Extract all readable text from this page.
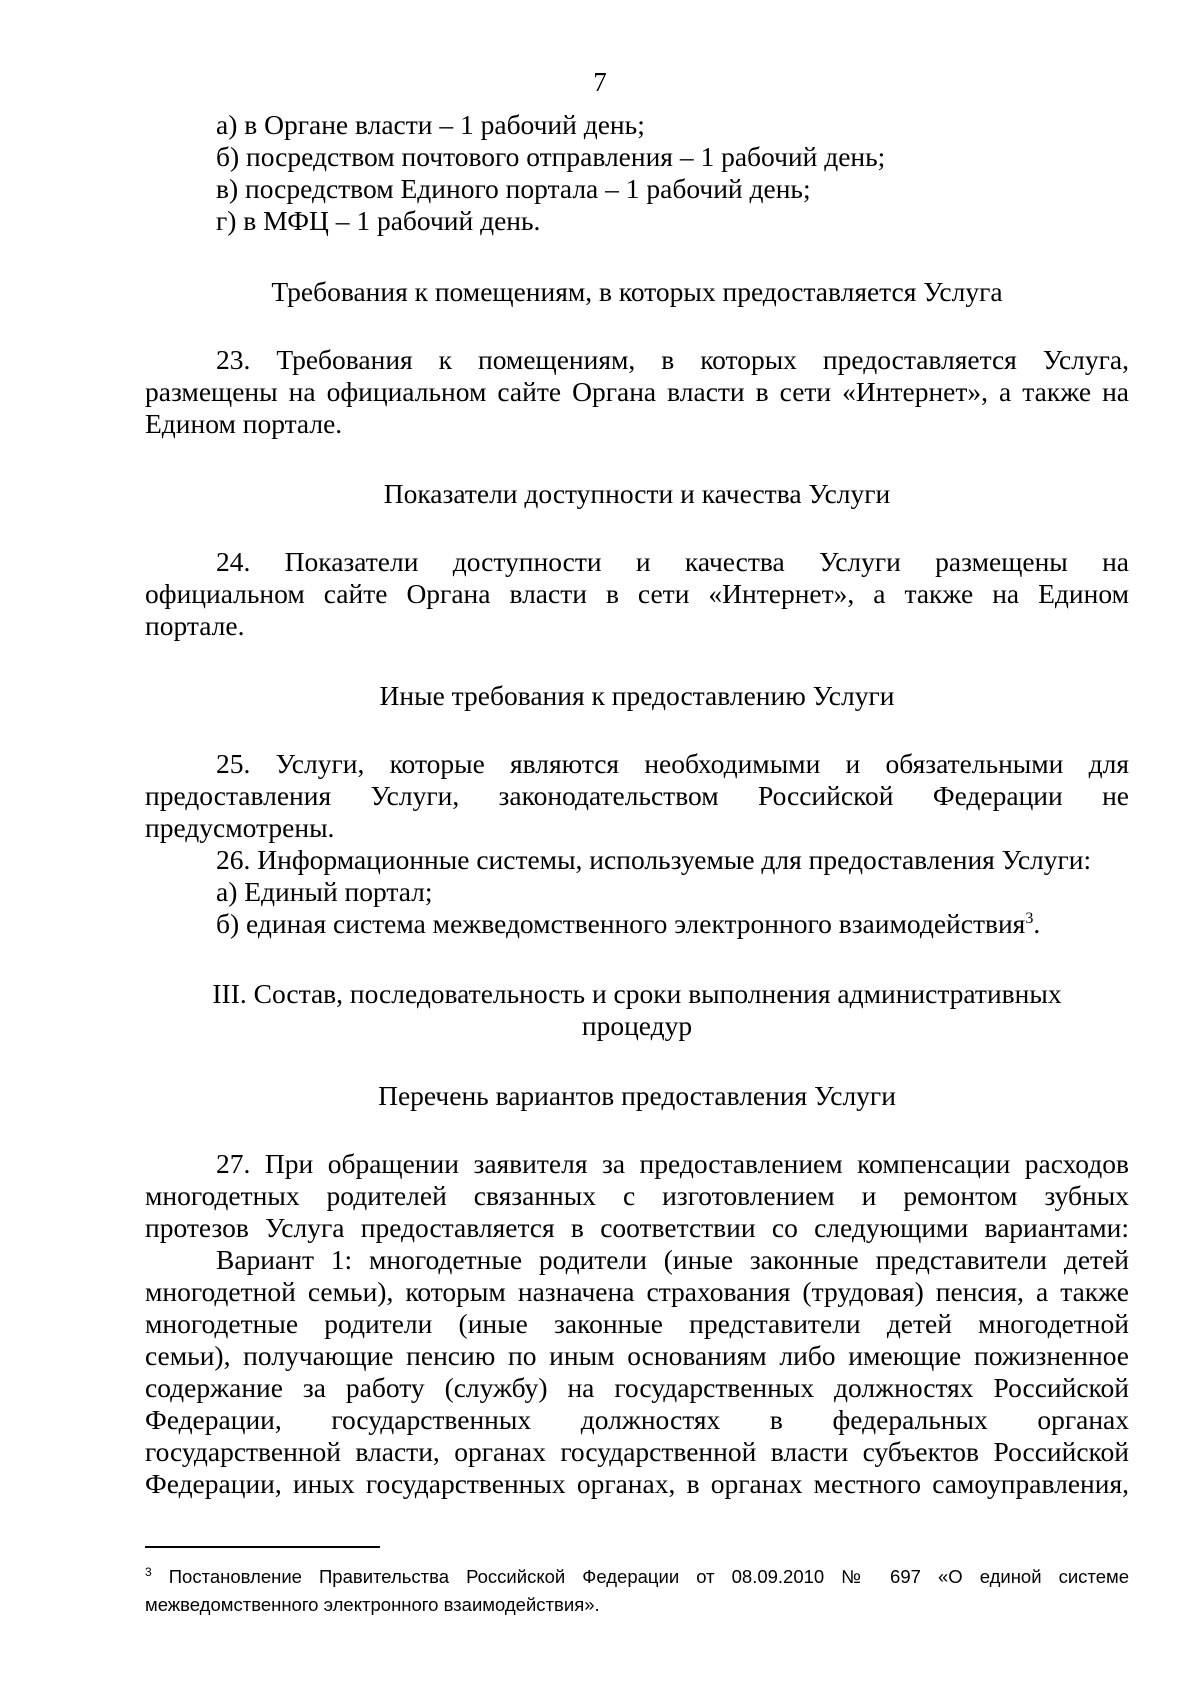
7
а) в Органе власти – 1 рабочий день;
б) посредством почтового отправления – 1 рабочий день;
в) посредством Единого портала – 1 рабочий день;
г) в МФЦ – 1 рабочий день.
Требования к помещениям, в которых предоставляется Услуга
23. Требования к помещениям, в которых предоставляется Услуга,
размещены на официальном сайте Органа власти в сети «Интернет», а также на
Едином портале.
Показатели доступности и качества Услуги
24. Показатели доступности и качества Услуги размещены на
официальном сайте Органа власти в сети «Интернет», а также на Едином
портале.
Иные требования к предоставлению Услуги
25. Услуги, которые являются необходимыми и обязательными для
предоставления Услуги, законодательством Российской Федерации не
предусмотрены.
26. Информационные системы, используемые для предоставления Услуги:
а) Единый портал;
б) единая система межведомственного электронного взаимодействия$^3$.
III. Состав, последовательность и сроки выполнения административных
процедур
Перечень вариантов предоставления Услуги
27. При обращении заявителя за предоставлением компенсации расходов
многодетных родителей связанных с изготовлением и ремонтом зубных
протезов Услуга предоставляется в соответствии со следующими вариантами:
Вариант 1: многодетные родители (иные законные представители детей
многодетной семьи), которым назначена страхования (трудовая) пенсия, а также
многодетные родители (иные законные представители детей многодетной
семьи), получающие пенсию по иным основаниям либо имеющие пожизненное
содержание за работу (службу) на государственных должностях Российской
Федерации, государственных должностях в федеральных органах
государственной власти, органах государственной власти субъектов Российской
Федерации, иных государственных органах, в органах местного самоуправления,
$^3$ Постановление Правительства Российской Федерации от 08.09.2010 № 697 «О единой системе
межведомственного электронного взаимодействия».
